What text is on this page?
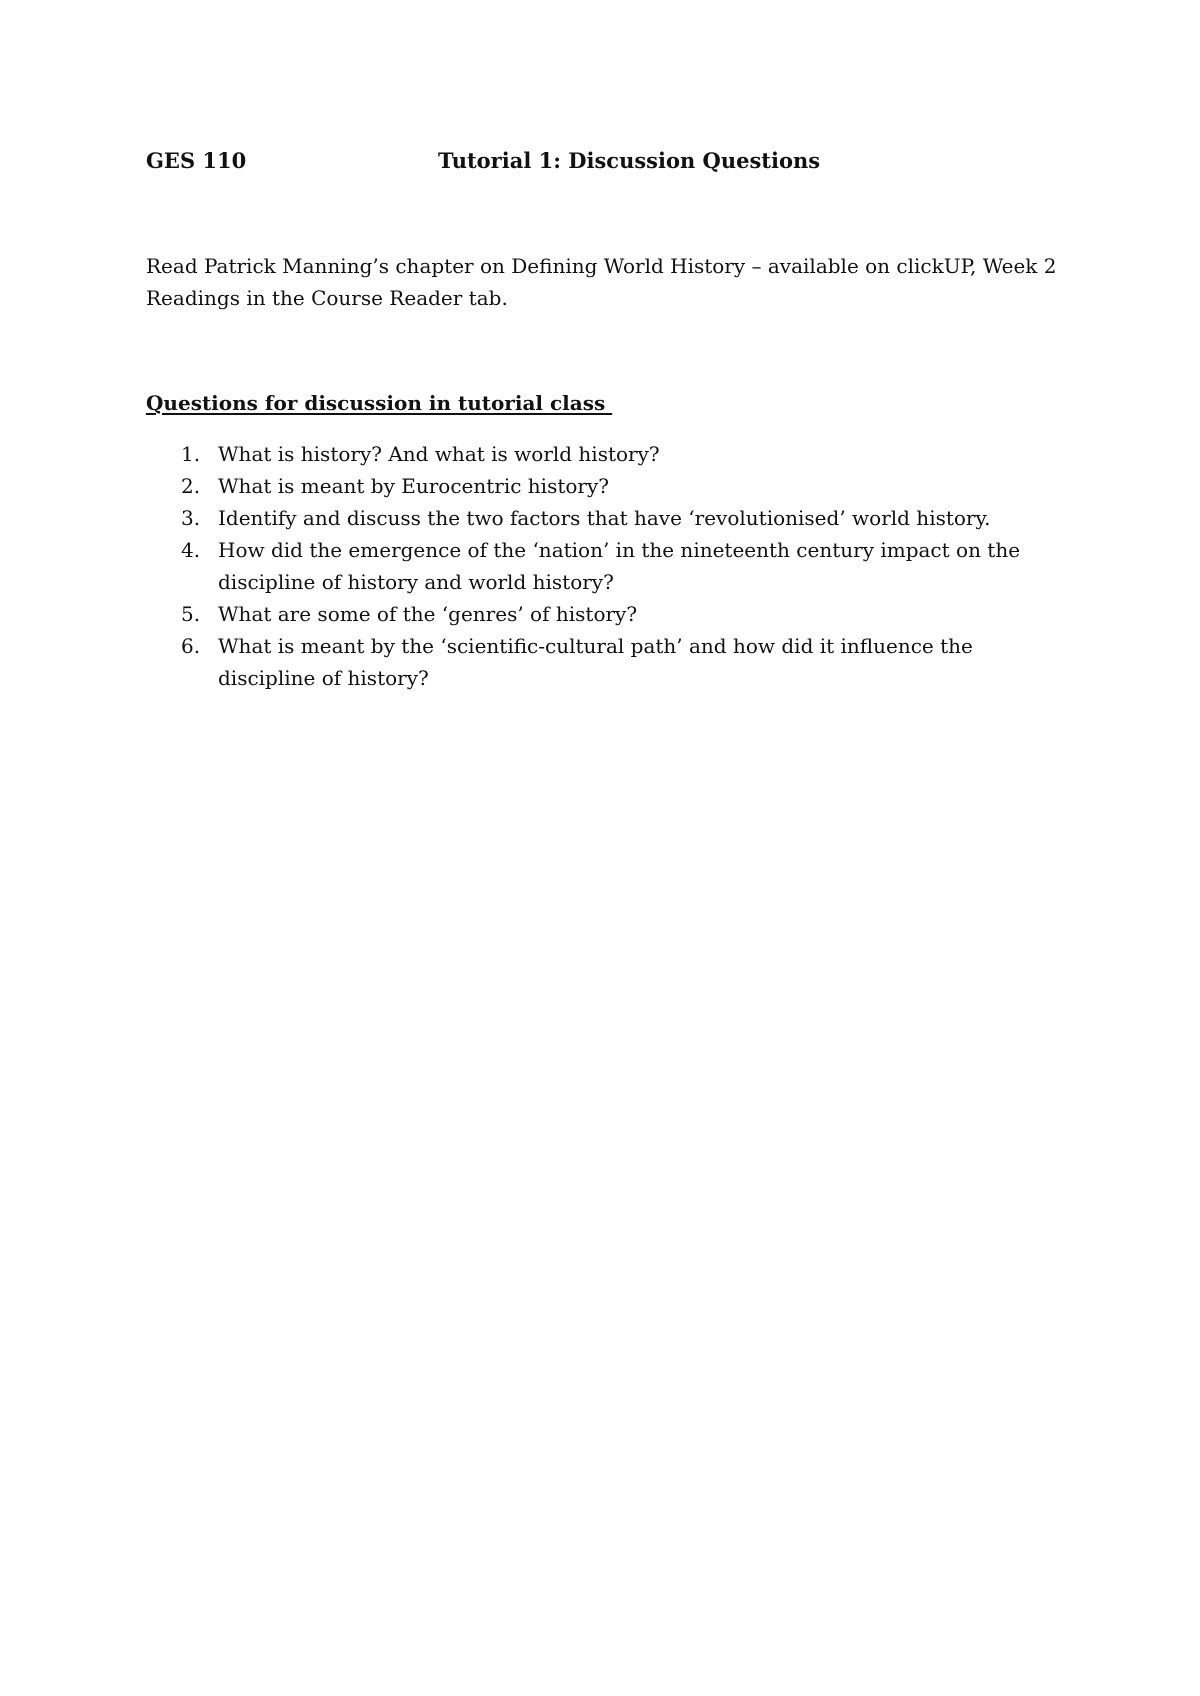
GES 110	Tutorial 1: Discussion Questions

Read Patrick Manning’s chapter on Defining World History – available on clickUP, Week 2 Readings in the Course Reader tab.

Questions for discussion in tutorial class

1. What is history? And what is world history?
2. What is meant by Eurocentric history?
3. Identify and discuss the two factors that have ‘revolutionised’ world history.
4. How did the emergence of the ‘nation’ in the nineteenth century impact on the discipline of history and world history?
5. What are some of the ‘genres’ of history?
6. What is meant by the ‘scientific-cultural path’ and how did it influence the discipline of history?
